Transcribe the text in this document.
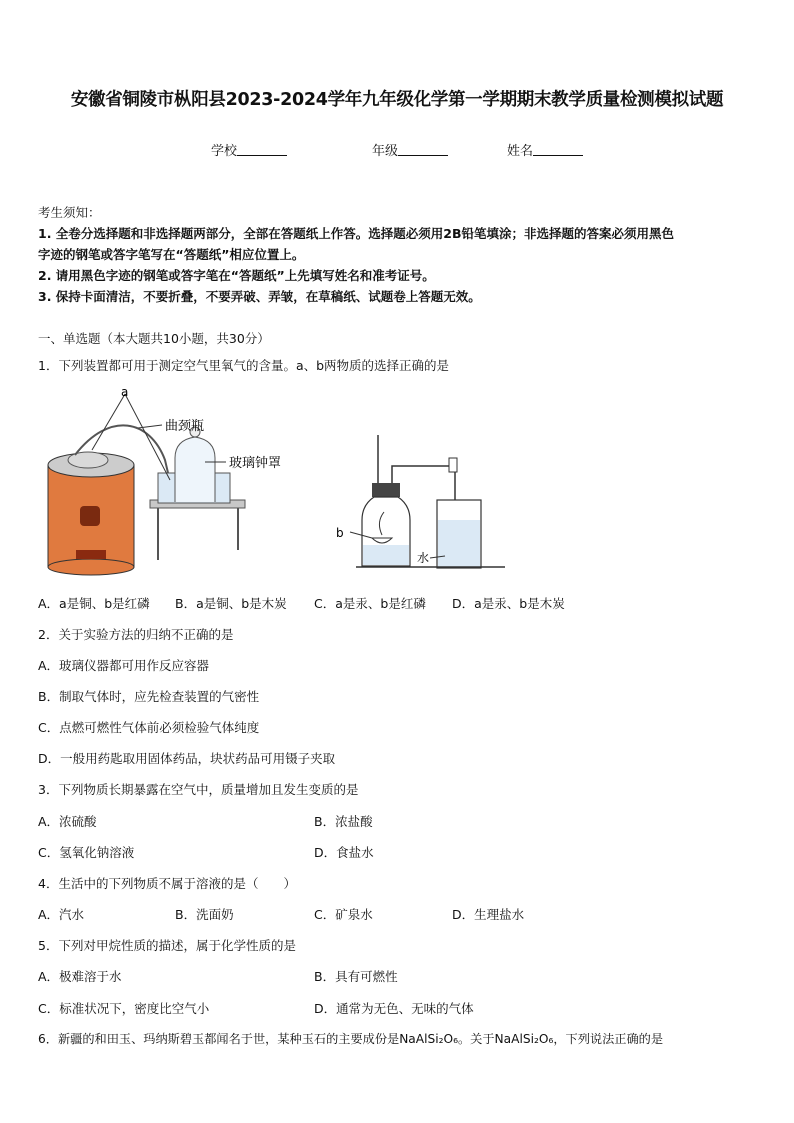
安徽省铜陵市枞阳县2023-2024学年九年级化学第一学期期末教学质量检测模拟试题
学校	年级	姓名
考生须知：
1. 全卷分选择题和非选择题两部分，全部在答题纸上作答。选择题必须用2B铅笔填涂；非选择题的答案必须用黑色
字迹的钢笔或答字笔写在“答题纸”相应位置上。
2. 请用黑色字迹的钢笔或答字笔在“答题纸”上先填写姓名和准考证号。
3. 保持卡面清洁，不要折叠，不要弄破、弄皱，在草稿纸、试题卷上答题无效。
一、单选题（本大题共10小题，共30分）
1．下列装置都可用于测定空气里氧气的含量。a、b两物质的选择正确的是
a
曲颈瓶
玻璃钟罩
b
水
A．a是铜、b是红磷 B．a是铜、b是木炭 C．a是汞、b是红磷 D．a是汞、b是木炭
2．关于实验方法的归纳不正确的是
A．玻璃仪器都可用作反应容器
B．制取气体时，应先检查装置的气密性
C．点燃可燃性气体前必须检验气体纯度
D．一般用药匙取用固体药品，块状药品可用镊子夹取
3．下列物质长期暴露在空气中，质量增加且发生变质的是
A．浓硫酸	B．浓盐酸
C．氢氧化钠溶液	D．食盐水
4．生活中的下列物质不属于溶液的是（　　）
A．汽水	B．洗面奶	C．矿泉水	D．生理盐水
5．下列对甲烷性质的描述，属于化学性质的是
A．极难溶于水	B．具有可燃性
C．标准状况下，密度比空气小	D．通常为无色、无味的气体
6．新疆的和田玉、玛纳斯碧玉都闻名于世，某种玉石的主要成份是NaAlSi₂O₆。关于NaAlSi₂O₆，下列说法正确的是
